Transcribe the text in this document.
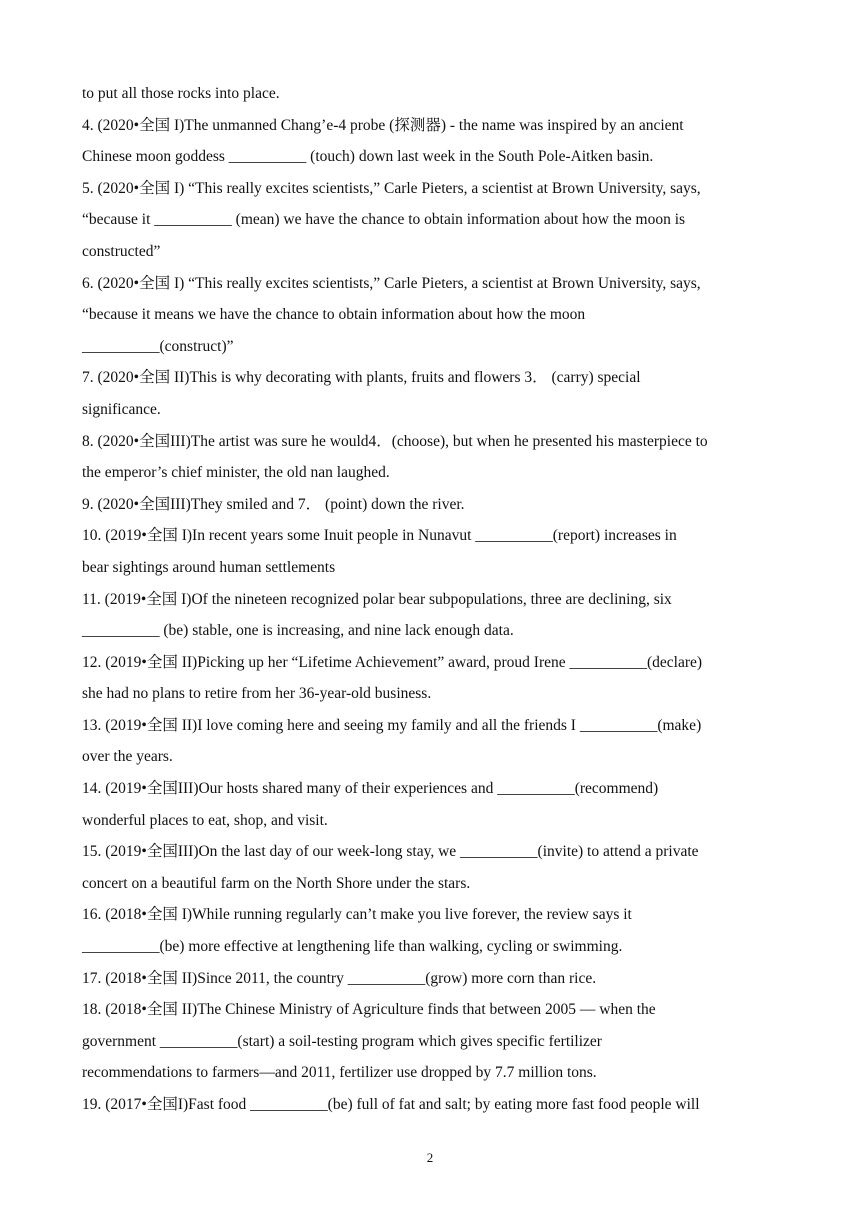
to put all those rocks into place.
4. (2020•全国 I)The unmanned Chang’e-4 probe (探测器) - the name was inspired by an ancient
Chinese moon goddess __________ (touch) down last week in the South Pole-Aitken basin.
5. (2020•全国 I) “This really excites scientists,” Carle Pieters, a scientist at Brown University, says,
“because it __________ (mean) we have the chance to obtain information about how the moon is
constructed”
6. (2020•全国 I) “This really excites scientists,” Carle Pieters, a scientist at Brown University, says,
“because it means we have the chance to obtain information about how the moon
__________(construct)”
7. (2020•全国 II)This is why decorating with plants, fruits and flowers 3． (carry) special
significance.
8. (2020•全国III)The artist was sure he would4．(choose), but when he presented his masterpiece to
the emperor’s chief minister, the old nan laughed.
9. (2020•全国III)They smiled and 7． (point) down the river.
10. (2019•全国 I)In recent years some Inuit people in Nunavut __________(report) increases in
bear sightings around human settlements
11. (2019•全国 I)Of the nineteen recognized polar bear subpopulations, three are declining, six
__________ (be) stable, one is increasing, and nine lack enough data.
12. (2019•全国 II)Picking up her “Lifetime Achievement” award, proud Irene __________(declare)
she had no plans to retire from her 36-year-old business.
13. (2019•全国 II)I love coming here and seeing my family and all the friends I __________(make)
over the years.
14. (2019•全国III)Our hosts shared many of their experiences and __________(recommend)
wonderful places to eat, shop, and visit.
15. (2019•全国III)On the last day of our week-long stay, we __________(invite) to attend a private
concert on a beautiful farm on the North Shore under the stars.
16. (2018•全国 I)While running regularly can’t make you live forever, the review says it
__________(be) more effective at lengthening life than walking, cycling or swimming.
17. (2018•全国 II)Since 2011, the country __________(grow) more corn than rice.
18. (2018•全国 II)The Chinese Ministry of Agriculture finds that between 2005 — when the
government __________(start) a soil-testing program which gives specific fertilizer
recommendations to farmers—and 2011, fertilizer use dropped by 7.7 million tons.
19. (2017•全国I)Fast food __________(be) full of fat and salt; by eating more fast food people will
2
